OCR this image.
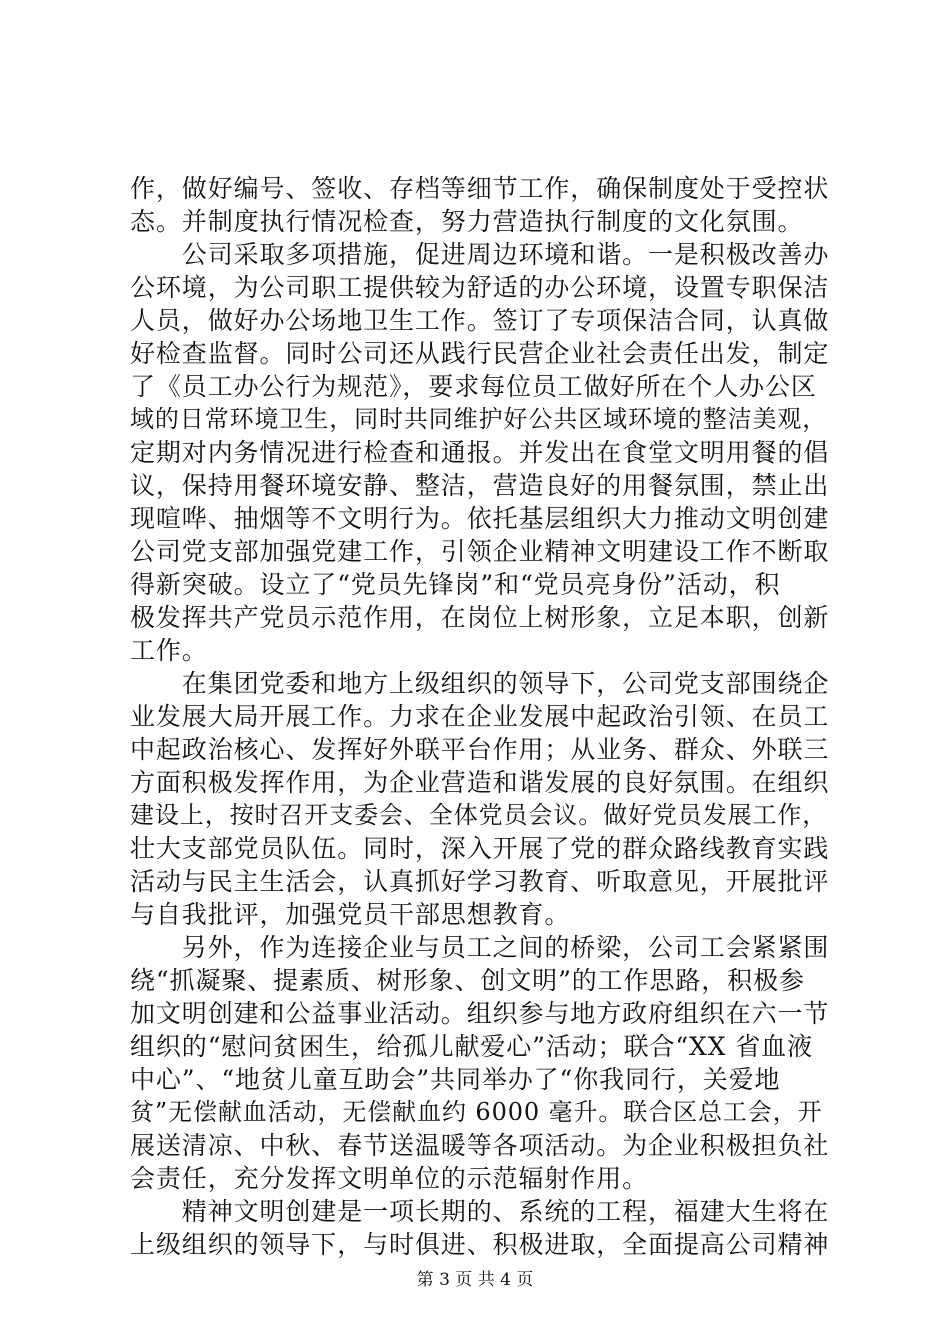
作，做好编号、签收、存档等细节工作，确保制度处于受控状
态。并制度执行情况检查，努力营造执行制度的文化氛围。
　　公司采取多项措施，促进周边环境和谐。一是积极改善办
公环境，为公司职工提供较为舒适的办公环境，设置专职保洁
人员，做好办公场地卫生工作。签订了专项保洁合同，认真做
好检查监督。同时公司还从践行民营企业社会责任出发，制定
了《员工办公行为规范》，要求每位员工做好所在个人办公区
域的日常环境卫生，同时共同维护好公共区域环境的整洁美观，
定期对内务情况进行检查和通报。并发出在食堂文明用餐的倡
议，保持用餐环境安静、整洁，营造良好的用餐氛围，禁止出
现喧哗、抽烟等不文明行为。依托基层组织大力推动文明创建
公司党支部加强党建工作，引领企业精神文明建设工作不断取
得新突破。设立了“党员先锋岗”和“党员亮身份”活动，积
极发挥共产党员示范作用，在岗位上树形象，立足本职，创新
工作。
　　在集团党委和地方上级组织的领导下，公司党支部围绕企
业发展大局开展工作。力求在企业发展中起政治引领、在员工
中起政治核心、发挥好外联平台作用；从业务、群众、外联三
方面积极发挥作用，为企业营造和谐发展的良好氛围。在组织
建设上，按时召开支委会、全体党员会议。做好党员发展工作，
壮大支部党员队伍。同时，深入开展了党的群众路线教育实践
活动与民主生活会，认真抓好学习教育、听取意见，开展批评
与自我批评，加强党员干部思想教育。
　　另外，作为连接企业与员工之间的桥梁，公司工会紧紧围
绕“抓凝聚、提素质、树形象、创文明”的工作思路，积极参
加文明创建和公益事业活动。组织参与地方政府组织在六一节
组织的“慰问贫困生，给孤儿献爱心”活动；联合“XX 省血液
中心”、“地贫儿童互助会”共同举办了“你我同行，关爱地
贫”无偿献血活动，无偿献血约 6000 毫升。联合区总工会，开
展送清凉、中秋、春节送温暖等各项活动。为企业积极担负社
会责任，充分发挥文明单位的示范辐射作用。
　　精神文明创建是一项长期的、系统的工程，福建大生将在
上级组织的领导下，与时俱进、积极进取，全面提高公司精神
第 3 页 共 4 页
